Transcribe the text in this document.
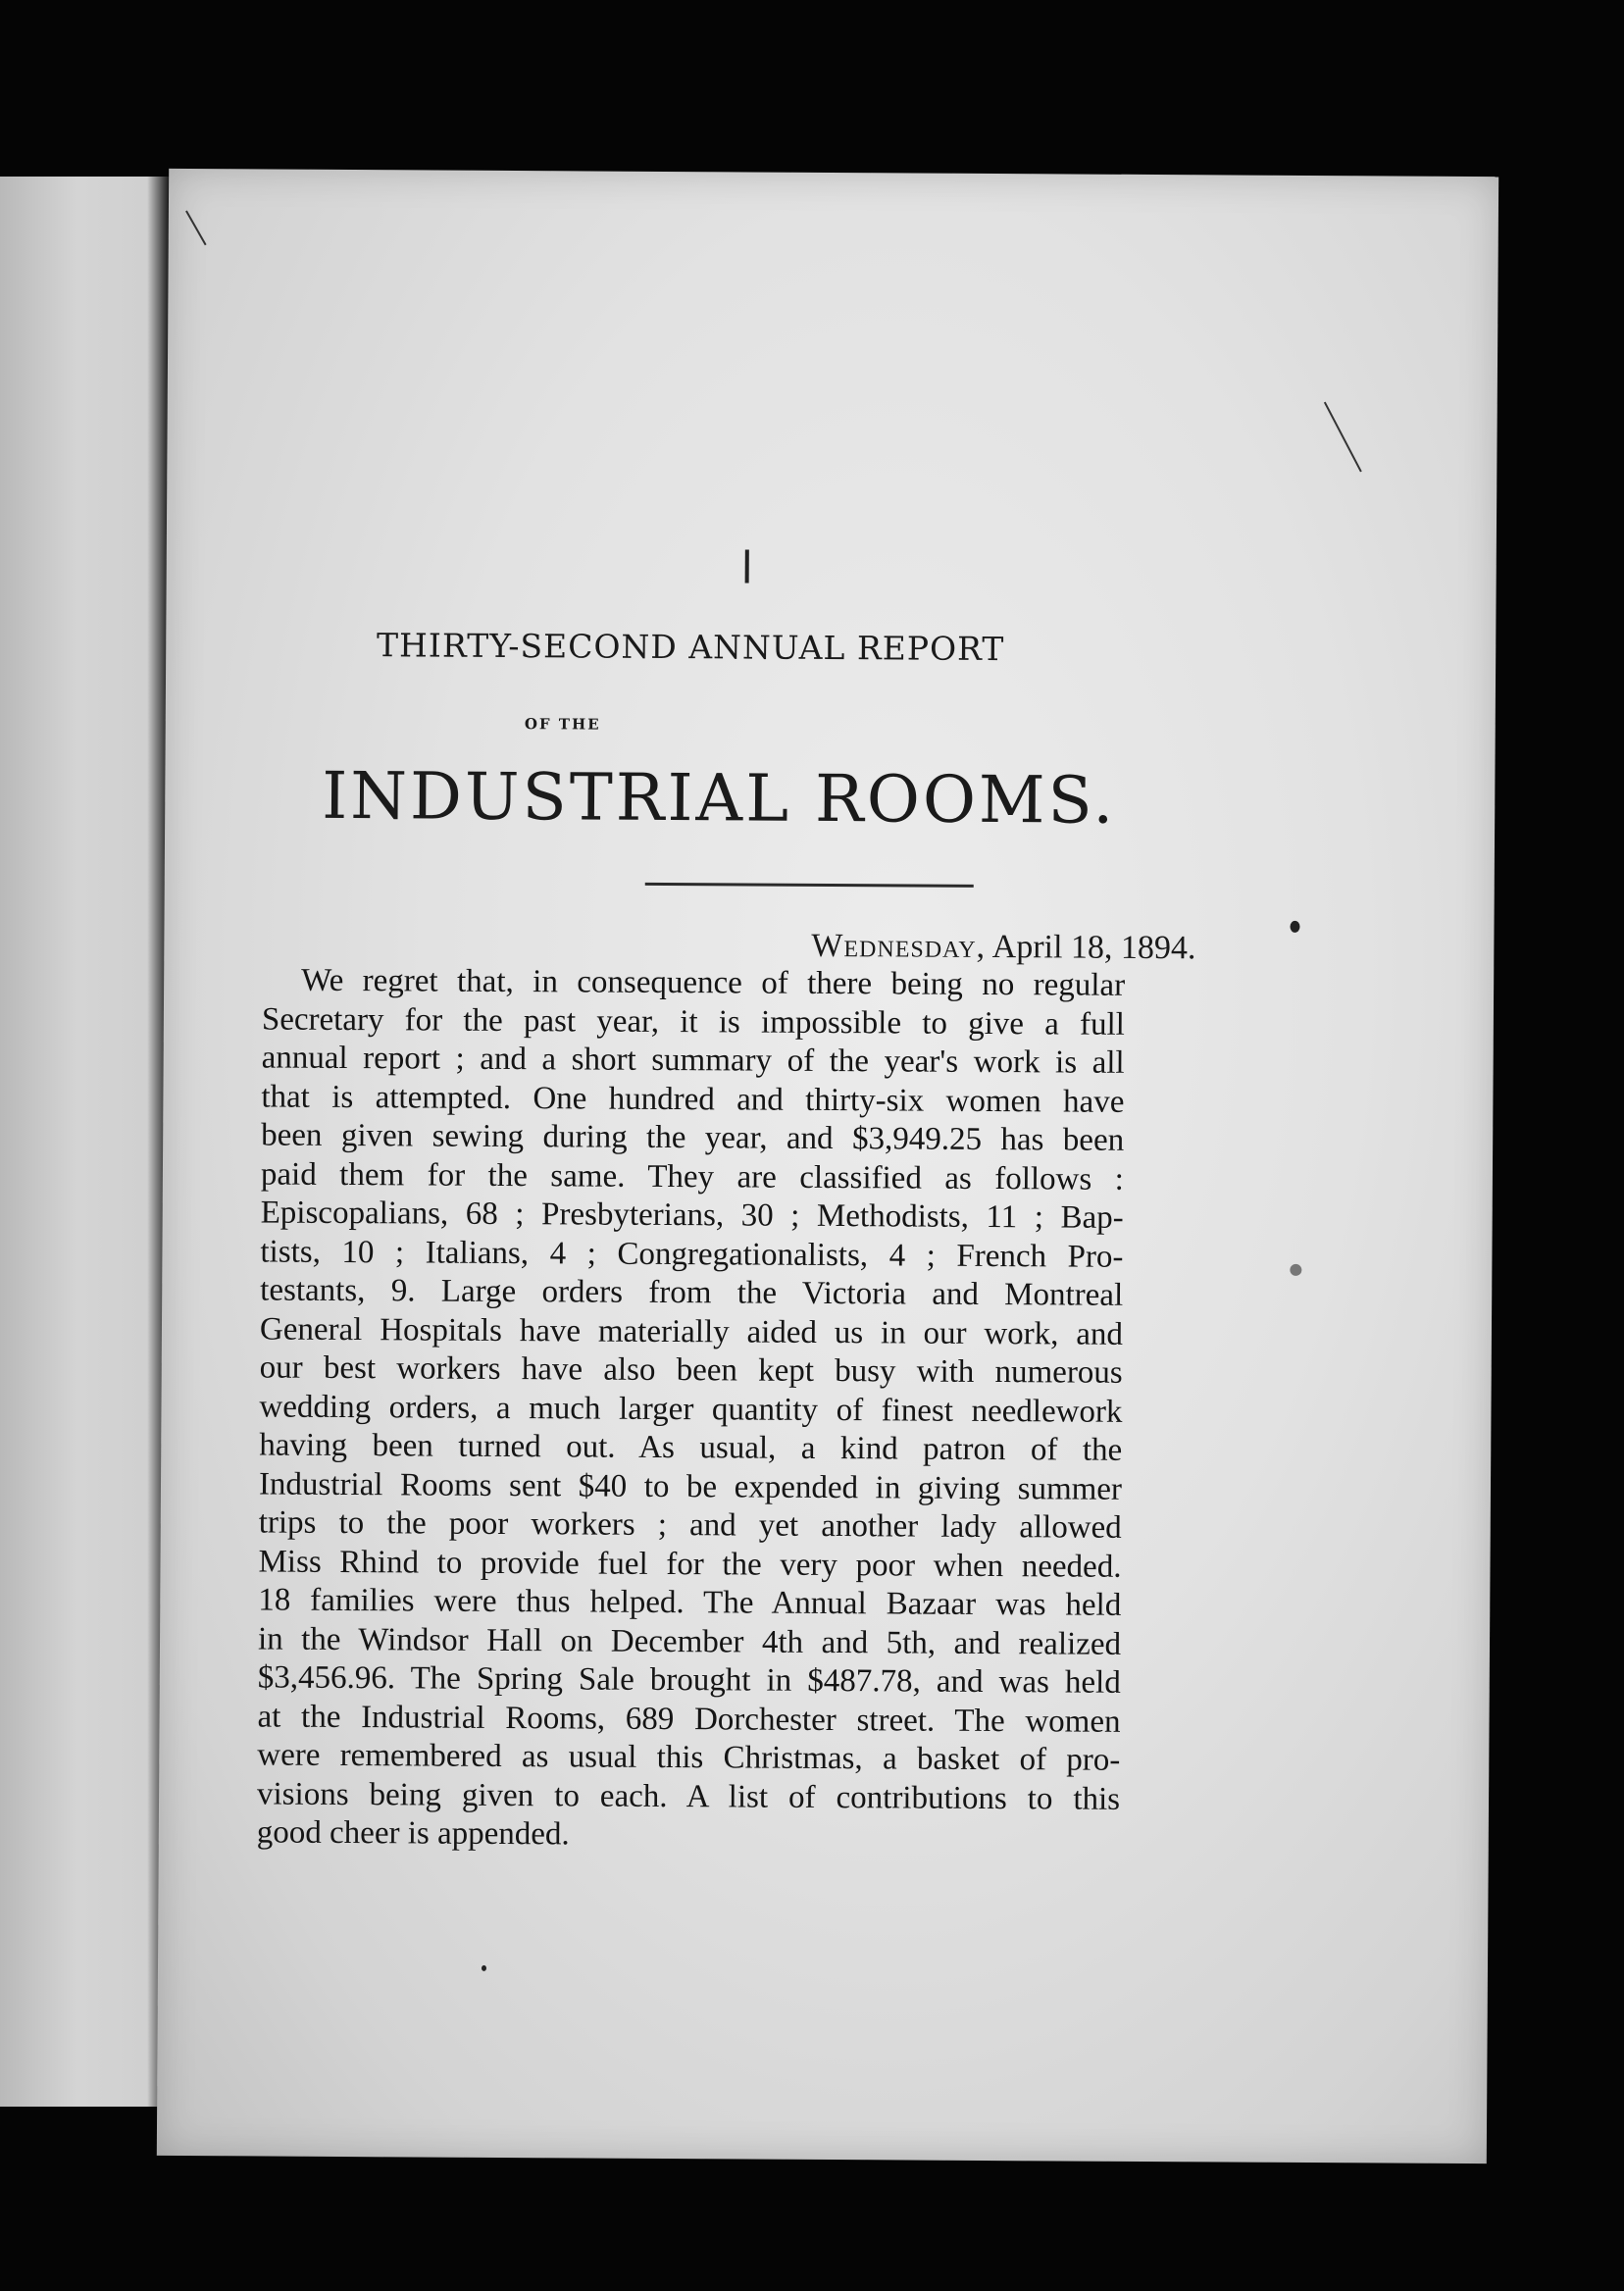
THIRTY-SECOND ANNUAL REPORT
OF THE
INDUSTRIAL ROOMS.
Wednesday, April 18, 1894.

We regret that, in consequence of there being no regular
Secretary for the past year, it is impossible to give a full
annual report ; and a short summary of the year's work is all
that is attempted. One hundred and thirty-six women have
been given sewing during the year, and $3,949.25 has been
paid them for the same. They are classified as follows :
Episcopalians, 68 ; Presbyterians, 30 ; Methodists, 11 ; Bap-
tists, 10 ; Italians, 4 ; Congregationalists, 4 ; French Pro-
testants, 9. Large orders from the Victoria and Montreal
General Hospitals have materially aided us in our work, and
our best workers have also been kept busy with numerous
wedding orders, a much larger quantity of finest needlework
having been turned out. As usual, a kind patron of the
Industrial Rooms sent $40 to be expended in giving summer
trips to the poor workers ; and yet another lady allowed
Miss Rhind to provide fuel for the very poor when needed.
18 families were thus helped. The Annual Bazaar was held
in the Windsor Hall on December 4th and 5th, and realized
$3,456.96. The Spring Sale brought in $487.78, and was held
at the Industrial Rooms, 689 Dorchester street. The women
were remembered as usual this Christmas, a basket of pro-
visions being given to each. A list of contributions to this
good cheer is appended.
